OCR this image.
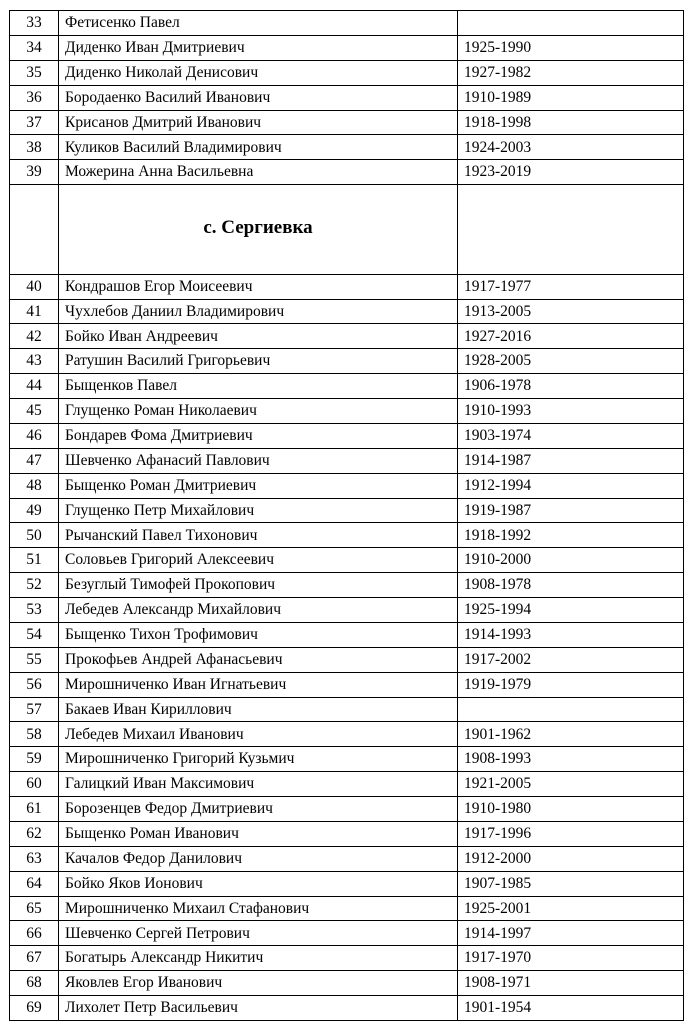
33	Фетисенко Павел	
34	Диденко Иван Дмитриевич	1925-1990
35	Диденко Николай Денисович	1927-1982
36	Бородаенко Василий Иванович	1910-1989
37	Крисанов Дмитрий Иванович	1918-1998
38	Куликов Василий Владимирович	1924-2003
39	Можерина Анна Васильевна	1923-2019
	с. Сергиевка	
40	Кондрашов Егор Моисеевич	1917-1977
41	Чухлебов Даниил Владимирович	1913-2005
42	Бойко Иван Андреевич	1927-2016
43	Ратушин Василий Григорьевич	1928-2005
44	Быщенков Павел	1906-1978
45	Глущенко Роман Николаевич	1910-1993
46	Бондарев Фома Дмитриевич	1903-1974
47	Шевченко Афанасий Павлович	1914-1987
48	Быщенко Роман Дмитриевич	1912-1994
49	Глущенко Петр Михайлович	1919-1987
50	Рычанский Павел Тихонович	1918-1992
51	Соловьев Григорий Алексеевич	1910-2000
52	Безуглый Тимофей Прокопович	1908-1978
53	Лебедев Александр Михайлович	1925-1994
54	Быщенко Тихон Трофимович	1914-1993
55	Прокофьев Андрей Афанасьевич	1917-2002
56	Мирошниченко Иван Игнатьевич	1919-1979
57	Бакаев Иван Кириллович	
58	Лебедев Михаил Иванович	1901-1962
59	Мирошниченко Григорий Кузьмич	1908-1993
60	Галицкий Иван Максимович	1921-2005
61	Борозенцев Федор Дмитриевич	1910-1980
62	Быщенко Роман Иванович	1917-1996
63	Качалов Федор Данилович	1912-2000
64	Бойко Яков Ионович	1907-1985
65	Мирошниченко Михаил Стафанович	1925-2001
66	Шевченко Сергей Петрович	1914-1997
67	Богатырь Александр Никитич	1917-1970
68	Яковлев Егор Иванович	1908-1971
69	Лихолет Петр Васильевич	1901-1954
